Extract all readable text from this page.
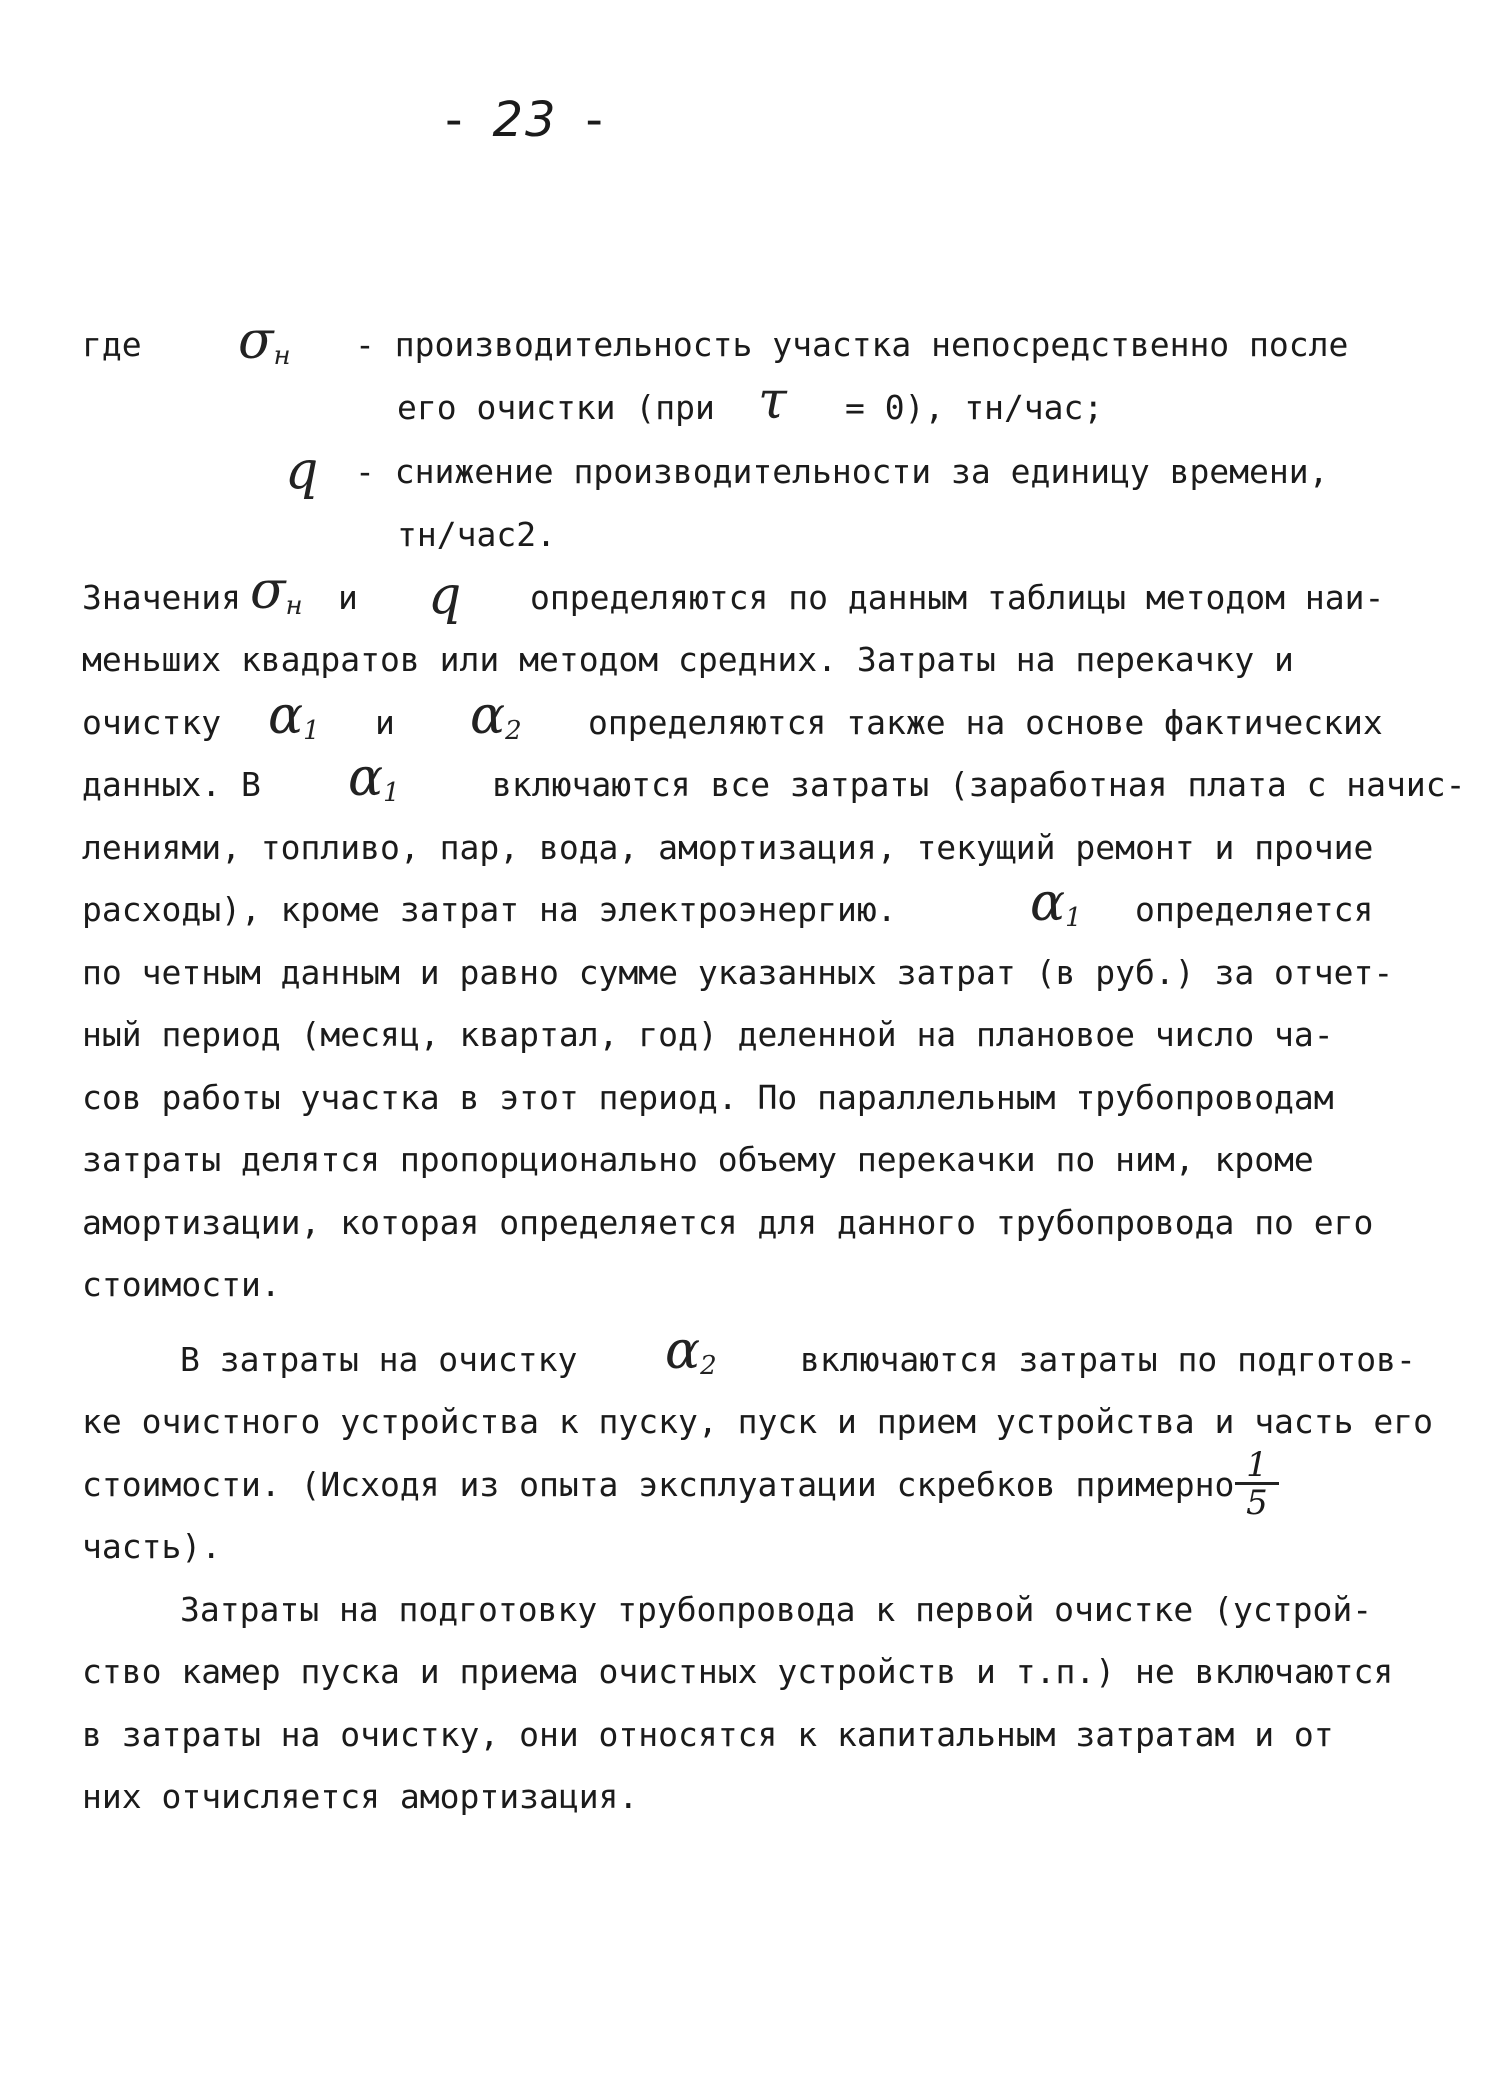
- 23 -
где $\sigma_н$ - производительность участка непосредственно после
его очистки (при τ = 0), тн/час;
q - снижение производительности за единицу времени,
тн/час2.
Значения $\sigma_н$ и q определяются по данным таблицы методом наи-
меньших квадратов или методом средних. Затраты на перекачку и
очистку $\alpha_1$ и $\alpha_2$ определяются также на основе фактических
данных. В $\alpha_1$	включаются все затраты (заработная плата с начис-
лениями, топливо, пар, вода, амортизация, текущий ремонт и прочие
расходы), кроме затрат на электроэнергию.	$\alpha_1$ определяется
по четным данным и равно сумме указанных затрат (в руб.) за отчет-
ный период (месяц, квартал, год) деленной на плановое число ча-
сов работы участка в этот период. По параллельным трубопроводам
затраты делятся пропорционально объему перекачки по ним, кроме
амортизации, которая определяется для данного трубопровода по его
стоимости.
В затраты на очистку $\alpha_2$	включаются затраты по подготов-
ке очистного устройства к пуску, пуск и прием устройства и часть его
стоимости. (Исходя из опыта эксплуатации скребков примерно $\frac{1}{5}$
часть).
Затраты на подготовку трубопровода к первой очистке (устрой-
ство камер пуска и приема очистных устройств и т.п.) не включаются
в затраты на очистку, они относятся к капитальным затратам и от
них отчисляется амортизация.
